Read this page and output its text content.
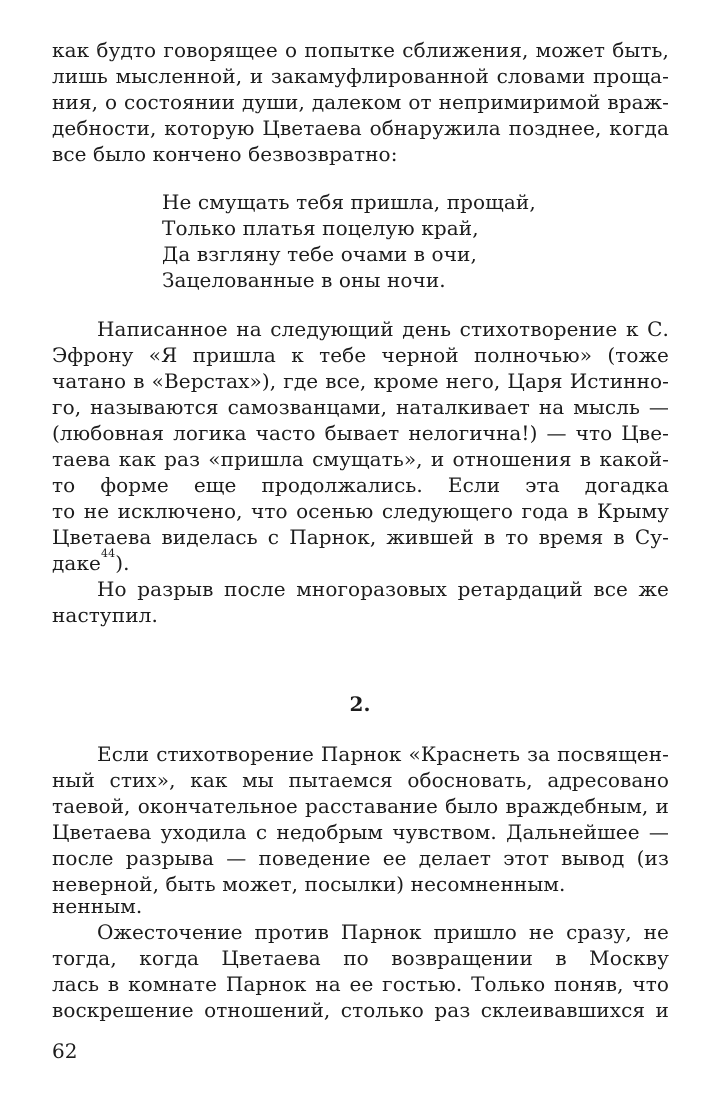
как будто говорящее о попытке сближения, может быть,
лишь мысленной, и закамуфлированной словами проща-
ния, о состоянии души, далеком от непримиримой враж-
дебности, которую Цветаева обнаружила позднее, когда
все было кончено безвозвратно:
Не смущать тебя пришла, прощай,
Только платья поцелую край,
Да взгляну тебе очами в очи,
Зацелованные в оны ночи.
Написанное на следующий день стихотворение к С.
Эфрону «Я пришла к тебе черной полночью» (тоже
чатано в «Верстах»), где все, кроме него, Царя Истинно-
го, называются самозванцами, наталкивает на мысль —
(любовная логика часто бывает нелогична!) — что Цве-
таева как раз «пришла смущать», и отношения в какой-
то форме еще продолжались. Если эта догадка
то не исключено, что осенью следующего года в Крыму
Цветаева виделась с Парнок, жившей в то время в Су-
даке$^{44}$).
Но разрыв после многоразовых ретардаций все же
наступил.
2.
Если стихотворение Парнок «Краснеть за посвящен-
ный стих», как мы пытаемся обосновать, адресовано
таевой, окончательное расставание было враждебным, и
Цветаева уходила с недобрым чувством. Дальнейшее —
после разрыва — поведение ее делает этот вывод (из
неверной, быть может, посылки) несомненным.
ненным.
Ожесточение против Парнок пришло не сразу, не
тогда, когда Цветаева по возвращении в Москву
лась в комнате Парнок на ее гостью. Только поняв, что
воскрешение отношений, столько раз склеивавшихся и
62
